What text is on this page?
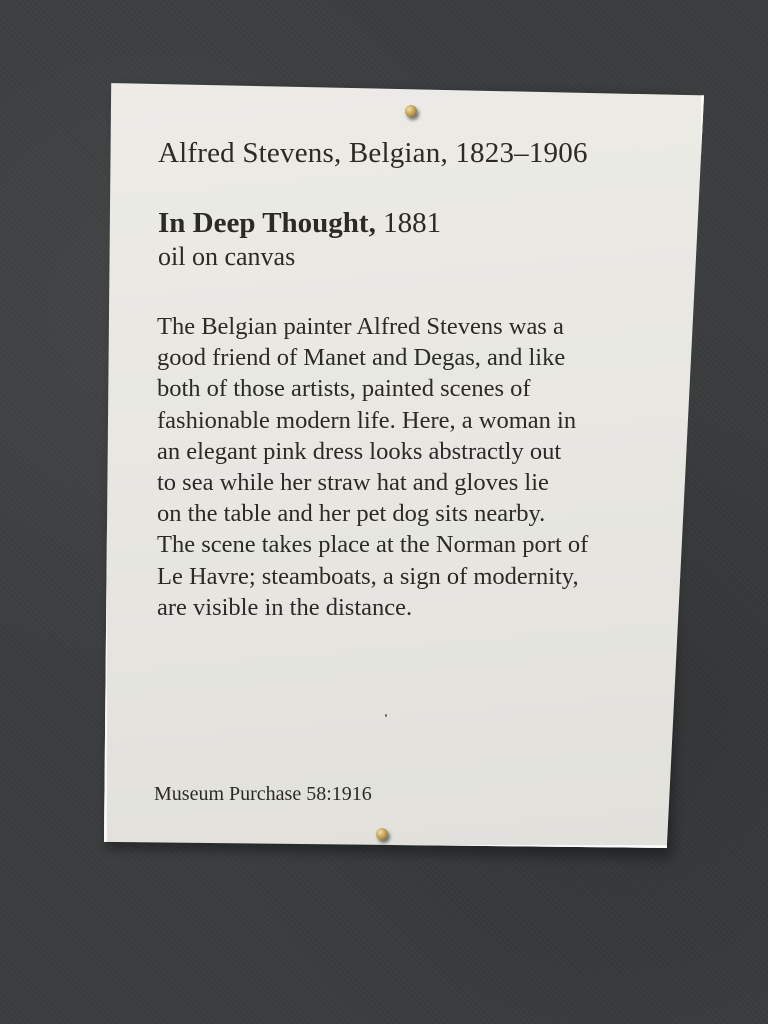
Alfred Stevens, Belgian, 1823–1906
In Deep Thought, 1881
oil on canvas
The Belgian painter Alfred Stevens was a
good friend of Manet and Degas, and like
both of those artists, painted scenes of
fashionable modern life. Here, a woman in
an elegant pink dress looks abstractly out
to sea while her straw hat and gloves lie
on the table and her pet dog sits nearby.
The scene takes place at the Norman port of
Le Havre; steamboats, a sign of modernity,
are visible in the distance.
Museum Purchase 58:1916
